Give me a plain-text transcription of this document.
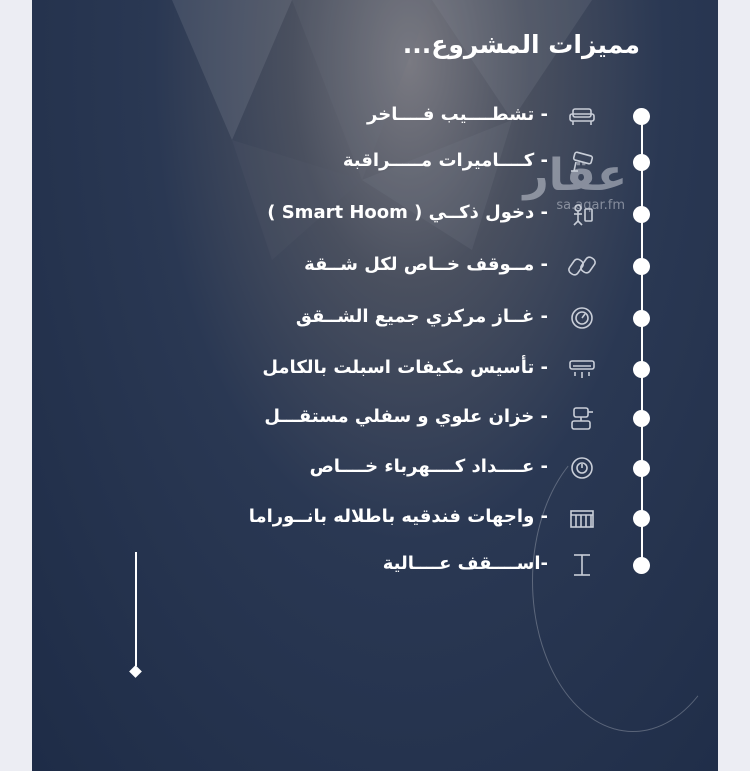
عقار
sa.aqar.fm
مميزات المشروع...
- تشطــــيب فــــاخر
- كــــاميرات مـــــراقبة
- دخول ذكــي ( Smart Hoom )
- مــوقف خــاص لكل شــقة
- غــاز مركزي جميع الشــقق
- تأسيس مكيفات اسبلت بالكامل
- خزان علوي و سفلي مستقـــل
- عــــداد كــــهرباء خــــاص
- واجهات فندقيه باطلاله بانــوراما
-اســــقف عــــالية
